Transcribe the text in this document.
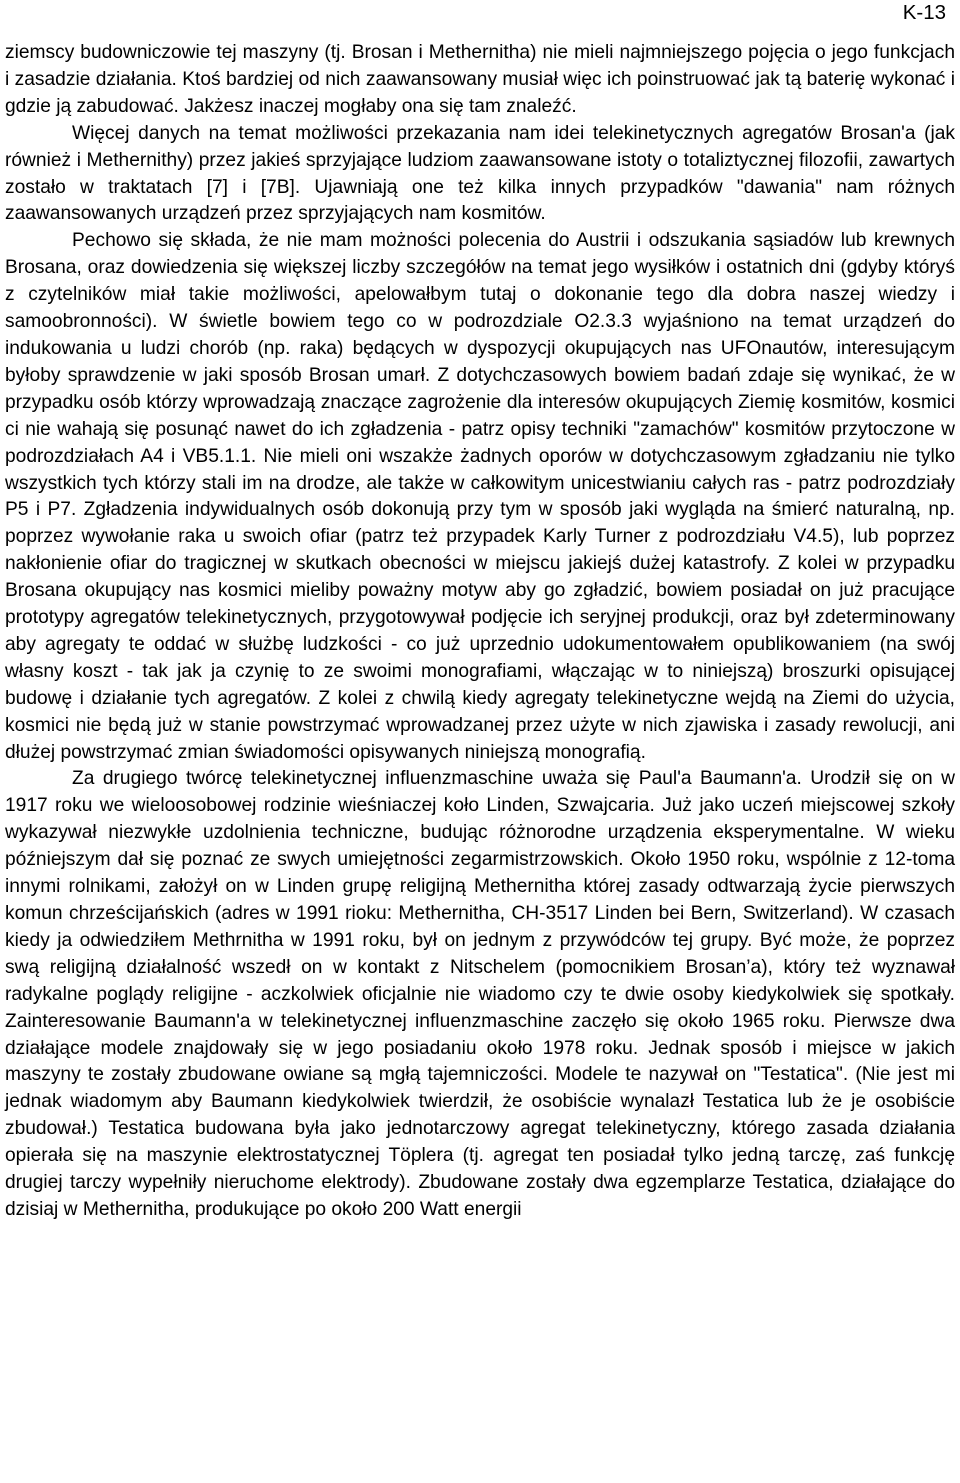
K-13

ziemscy budowniczowie tej maszyny (tj. Brosan i Methernitha) nie mieli najmniejszego pojęcia o jego funkcjach i zasadzie działania. Ktoś bardziej od nich zaawansowany musiał więc ich poinstruować jak tą baterię wykonać i gdzie ją zabudować. Jakżesz inaczej mogłaby ona się tam znaleźć.

Więcej danych na temat możliwości przekazania nam idei telekinetycznych agregatów Brosan'a (jak również i Methernithy) przez jakieś sprzyjające ludziom zaawansowane istoty o totaliztycznej filozofii, zawartych zostało w traktatach [7] i [7B]. Ujawniają one też kilka innych przypadków "dawania" nam różnych zaawansowanych urządzeń przez sprzyjających nam kosmitów.

Pechowo się składa, że nie mam możności polecenia do Austrii i odszukania sąsiadów lub krewnych Brosana, oraz dowiedzenia się większej liczby szczegółów na temat jego wysiłków i ostatnich dni (gdyby któryś z czytelników miał takie możliwości, apelowałbym tutaj o dokonanie tego dla dobra naszej wiedzy i samoobronności). W świetle bowiem tego co w podrozdziale O2.3.3 wyjaśniono na temat urządzeń do indukowania u ludzi chorób (np. raka) będących w dyspozycji okupujących nas UFOnautów, interesującym byłoby sprawdzenie w jaki sposób Brosan umarł. Z dotychczasowych bowiem badań zdaje się wynikać, że w przypadku osób którzy wprowadzają znaczące zagrożenie dla interesów okupujących Ziemię kosmitów, kosmici ci nie wahają się posunąć nawet do ich zgładzenia - patrz opisy techniki "zamachów" kosmitów przytoczone w podrozdziałach A4 i VB5.1.1. Nie mieli oni wszakże żadnych oporów w dotychczasowym zgładzaniu nie tylko wszystkich tych którzy stali im na drodze, ale także w całkowitym unicestwianiu całych ras - patrz podrozdziały P5 i P7. Zgładzenia indywidualnych osób dokonują przy tym w sposób jaki wygląda na śmierć naturalną, np. poprzez wywołanie raka u swoich ofiar (patrz też przypadek Karly Turner z podrozdziału V4.5), lub poprzez nakłonienie ofiar do tragicznej w skutkach obecności w miejscu jakiejś dużej katastrofy. Z kolei w przypadku Brosana okupujący nas kosmici mieliby poważny motyw aby go zgładzić, bowiem posiadał on już pracujące prototypy agregatów telekinetycznych, przygotowywał podjęcie ich seryjnej produkcji, oraz był zdeterminowany aby agregaty te oddać w służbę ludzkości - co już uprzednio udokumentowałem opublikowaniem (na swój własny koszt - tak jak ja czynię to ze swoimi monografiami, włączając w to niniejszą) broszurki opisującej budowę i działanie tych agregatów. Z kolei z chwilą kiedy agregaty telekinetyczne wejdą na Ziemi do użycia, kosmici nie będą już w stanie powstrzymać wprowadzanej przez użyte w nich zjawiska i zasady rewolucji, ani dłużej powstrzymać zmian świadomości opisywanych niniejszą monografią.

Za drugiego twórcę telekinetycznej influenzmaschine uważa się Paul'a Baumann'a. Urodził się on w 1917 roku we wieloosobowej rodzinie wieśniaczej koło Linden, Szwajcaria. Już jako uczeń miejscowej szkoły wykazywał niezwykłe uzdolnienia techniczne, budując różnorodne urządzenia eksperymentalne. W wieku późniejszym dał się poznać ze swych umiejętności zegarmistrzowskich. Około 1950 roku, wspólnie z 12-toma innymi rolnikami, założył on w Linden grupę religijną Methernitha której zasady odtwarzają życie pierwszych komun chrześcijańskich (adres w 1991 rioku: Methernitha, CH-3517 Linden bei Bern, Switzerland). W czasach kiedy ja odwiedziłem Methrnitha w 1991 roku, był on jednym z przywódców tej grupy. Być może, że poprzez swą religijną działalność wszedł on w kontakt z Nitschelem (pomocnikiem Brosan’a), który też wyznawał radykalne poglądy religijne - aczkolwiek oficjalnie nie wiadomo czy te dwie osoby kiedykolwiek się spotkały. Zainteresowanie Baumann'a w telekinetycznej influenzmaschine zaczęło się około 1965 roku. Pierwsze dwa działające modele znajdowały się w jego posiadaniu około 1978 roku. Jednak sposób i miejsce w jakich maszyny te zostały zbudowane owiane są mgłą tajemniczości. Modele te nazywał on "Testatica". (Nie jest mi jednak wiadomym aby Baumann kiedykolwiek twierdził, że osobiście wynalazł Testatica lub że je osobiście zbudował.) Testatica budowana była jako jednotarczowy agregat telekinetyczny, którego zasada działania opierała się na maszynie elektrostatycznej Töplera (tj. agregat ten posiadał tylko jedną tarczę, zaś funkcję drugiej tarczy wypełniły nieruchome elektrody). Zbudowane zostały dwa egzemplarze Testatica, działające do dzisiaj w Methernitha, produkujące po około 200 Watt energii
